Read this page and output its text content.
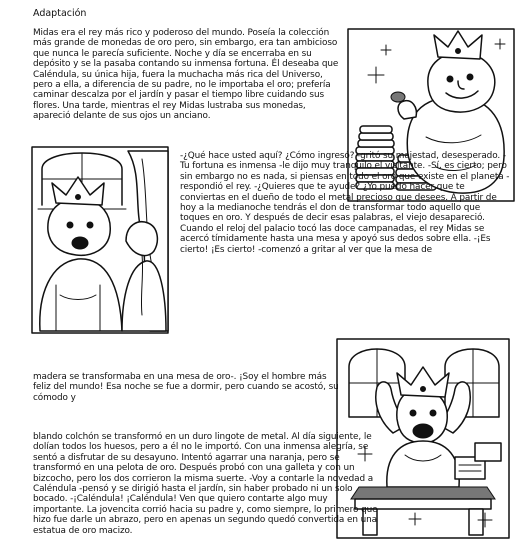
Adaptación

Midas era el rey más rico y poderoso del mundo. Poseía la colección más grande de monedas de oro pero, sin embargo, era tan ambicioso que nunca le parecía suficiente. Noche y día se encerraba en su depósito y se la pasaba contando su inmensa fortuna. Él deseaba que Caléndula, su única hija, fuera la muchacha más rica del Universo, pero a ella, a diferencia de su padre, no le importaba el oro; prefería caminar descalza por el jardín y pasar el tiempo libre cuidando sus flores. Una tarde, mientras el rey Midas lustraba sus monedas, apareció delante de sus ojos un anciano.

-¿Qué hace usted aquí? ¿Cómo ingresó? -gritó su majestad, desesperado. -Tu fortuna es inmensa -le dijo muy tranquilo el visitante. -Sí, es cierto; pero sin embargo no es nada, si piensas en todo el oro que existe en el planeta -respondió el rey. -¿Quieres que te ayude? ¿Yo puedo hacer que te conviertas en el dueño de todo el metal precioso que desees. A partir de hoy a la medianoche tendrás el don de transformar todo aquello que toques en oro. Y después de decir esas palabras, el viejo desapareció. Cuando el reloj del palacio tocó las doce campanadas, el rey Midas se acercó tímidamente hasta una mesa y apoyó sus dedos sobre ella. -¡Es cierto! ¡Es cierto! -comenzó a gritar al ver que la mesa de

madera se transformaba en una mesa de oro-. ¡Soy el hombre más feliz del mundo! Esa noche se fue a dormir, pero cuando se acostó, su cómodo y

blando colchón se transformó en un duro lingote de metal. Al día siguiente, le dolían todos los huesos, pero a él no le importó. Con una inmensa alegría, se sentó a disfrutar de su desayuno. Intentó agarrar una naranja, pero se transformó en una pelota de oro. Después probó con una galleta y con un bizcocho, pero los dos corrieron la misma suerte. -Voy a contarle la novedad a Caléndula -pensó y se dirigió hasta el jardín, sin haber probado ni un solo bocado. -¡Caléndula! ¡Caléndula! Ven que quiero contarte algo muy importante. La jovencita corrió hacia su padre y, como siempre, lo primero que hizo fue darle un abrazo, pero en apenas un segundo quedó convertida en una estatua de oro macizo.
